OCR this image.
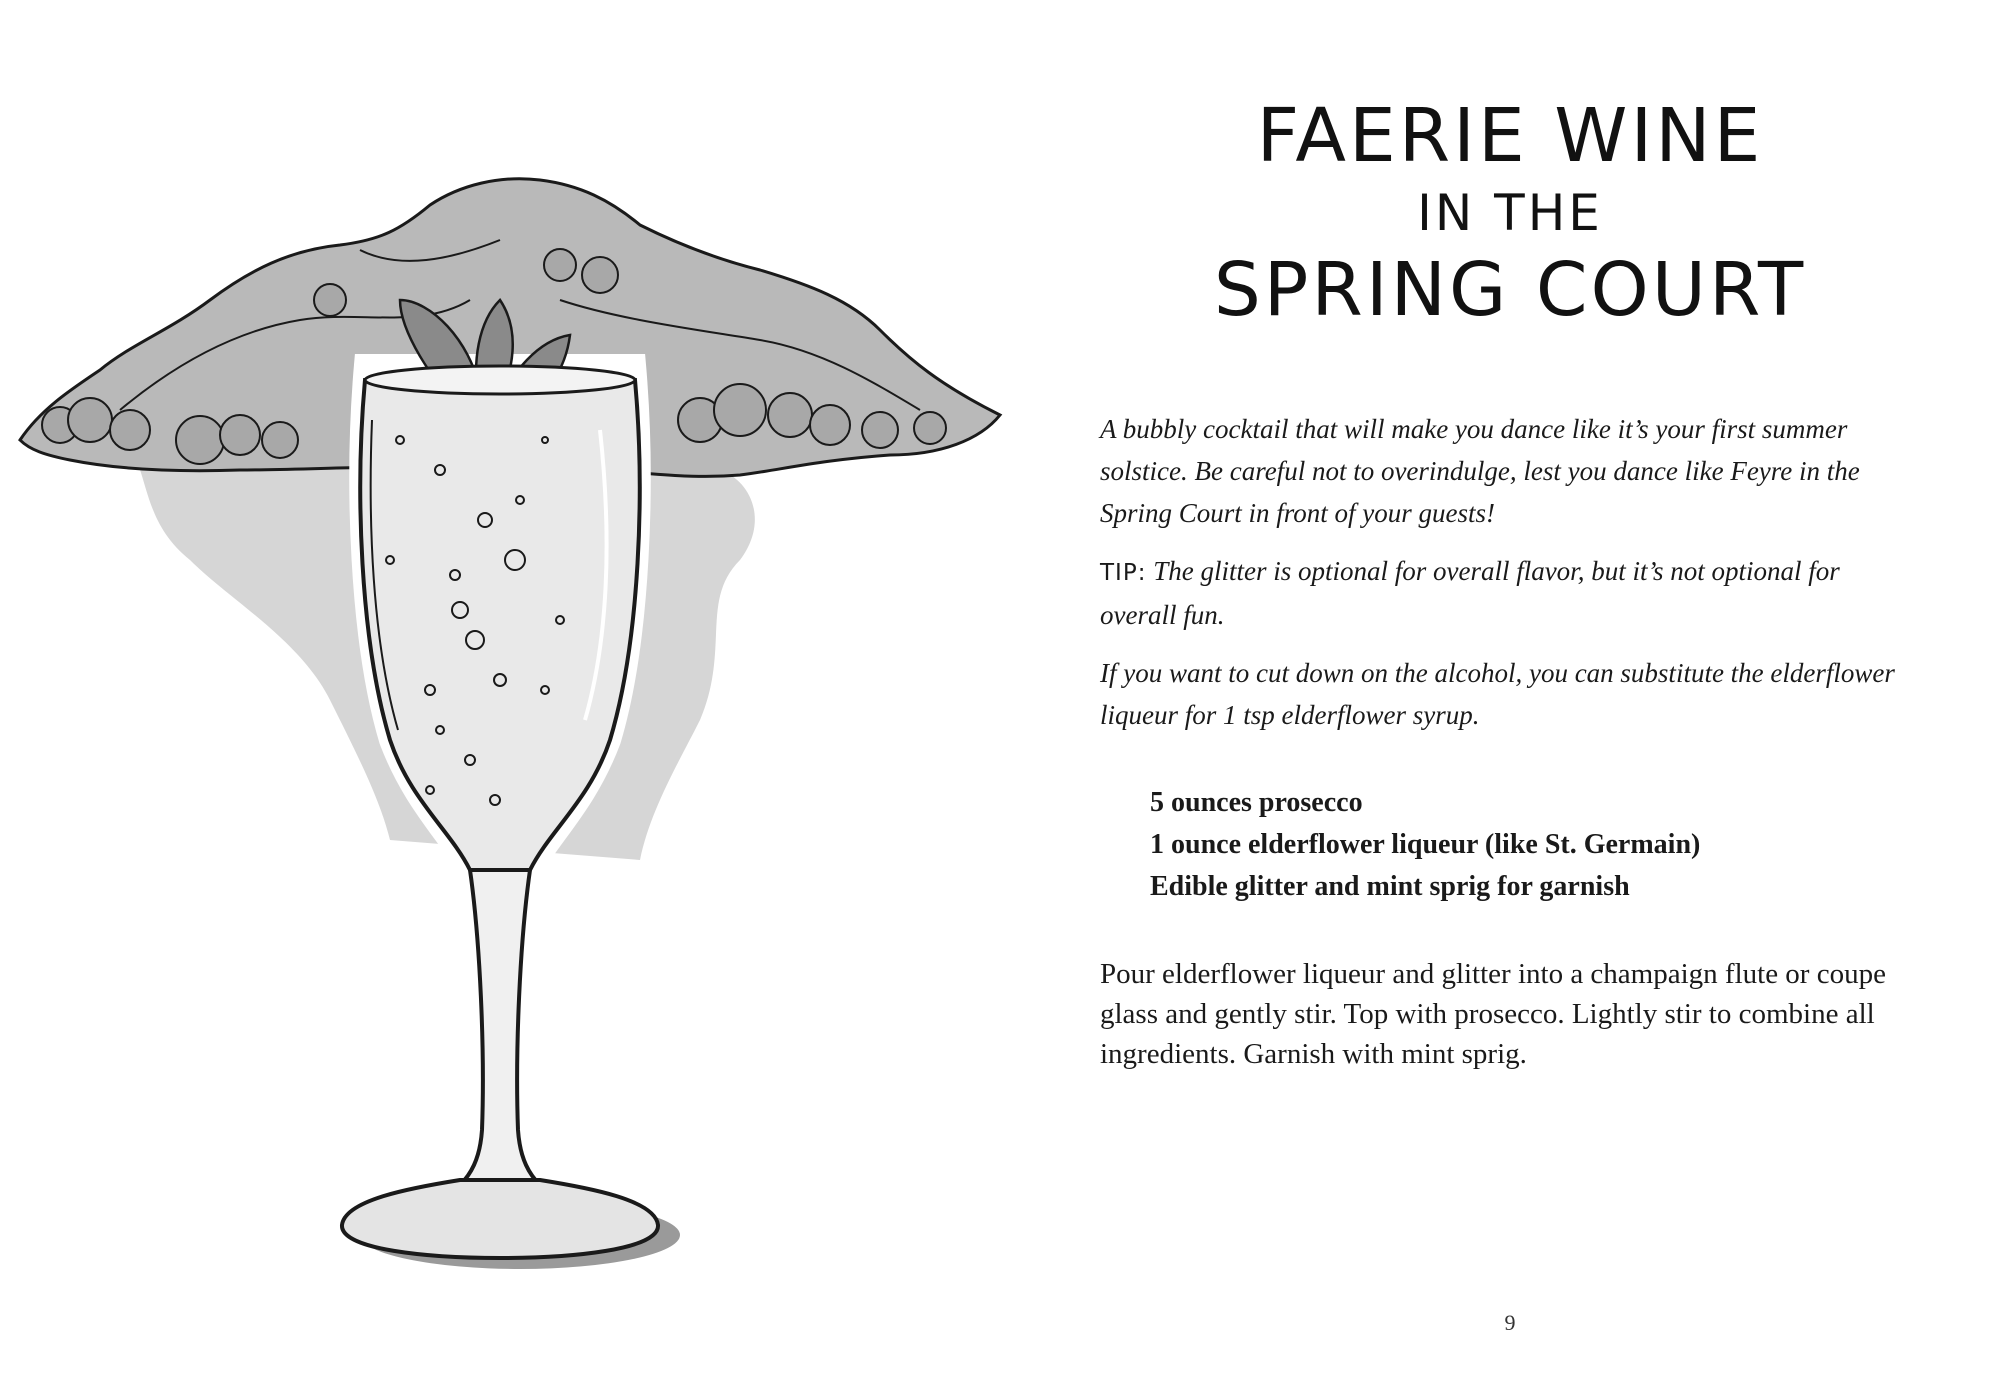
FAERIE WINE
IN THE
SPRING COURT

A bubbly cocktail that will make you dance like it’s your first summer solstice. Be careful not to overindulge, lest you dance like Feyre in the Spring Court in front of your guests!

TIP: The glitter is optional for overall flavor, but it’s not optional for overall fun.

If you want to cut down on the alcohol, you can substitute the elderflower liqueur for 1 tsp elderflower syrup.

5 ounces prosecco
1 ounce elderflower liqueur (like St. Germain)
Edible glitter and mint sprig for garnish

Pour elderflower liqueur and glitter into a champaign flute or coupe glass and gently stir. Top with prosecco. Lightly stir to combine all ingredients. Garnish with mint sprig.

9
